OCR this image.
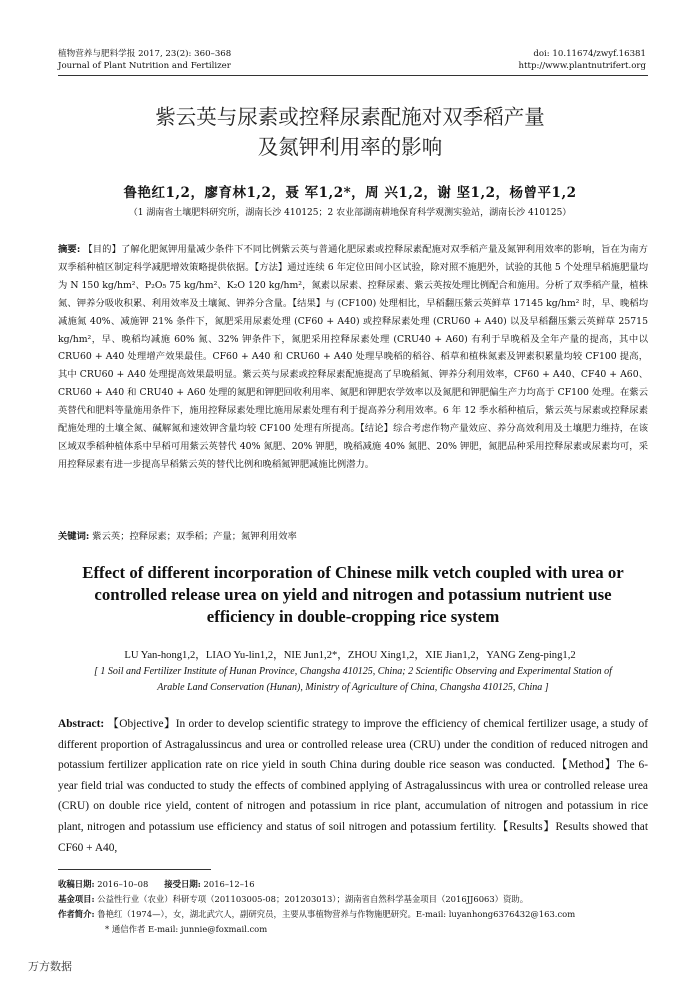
植物营养与肥料学报 2017, 23(2): 360–368
Journal of Plant Nutrition and Fertilizer
doi: 10.11674/zwyf.16381
http://www.plantnutrifert.org
紫云英与尿素或控释尿素配施对双季稻产量
及氮钾利用率的影响
鲁艳红1,2，廖育林1,2，聂 军1,2*，周 兴1,2，谢 坚1,2，杨曾平1,2
（1 湖南省土壤肥料研究所，湖南长沙 410125；2 农业部湖南耕地保育科学观测实验站，湖南长沙 410125）
摘要: 【目的】了解化肥氮钾用量减少条件下不同比例紫云英与普通化肥尿素或控释尿素配施对双季稻产量及氮钾利用效率的影响，旨在为南方双季稻种植区制定科学减肥增效策略提供依据。【方法】通过连续 6 年定位田间小区试验，除对照不施肥外，试验的其他 5 个处理早稻施肥量均为 N 150 kg/hm²、P₂O₅ 75 kg/hm²、K₂O 120 kg/hm²，氮素以尿素、控释尿素、紫云英按处理比例配合和施用。分析了双季稻产量，植株氮、钾养分吸收积累、利用效率及土壤氮、钾养分含量。【结果】与 (CF100) 处理相比，早稻翻压紫云英鲜草 17145 kg/hm² 时，早、晚稻均减施氮 40%、减施钾 21% 条件下，氮肥采用尿素处理 (CF60 + A40) 或控释尿素处理 (CRU60 + A40) 以及早稻翻压紫云英鲜草 25715 kg/hm²，早、晚稻均减施 60% 氮、32% 钾条件下，氮肥采用控释尿素处理 (CRU40 + A60) 有利于早晚稻及全年产量的提高，其中以 CRU60 + A40 处理增产效果最佳。CF60 + A40 和 CRU60 + A40 处理早晚稻的稻谷、稻草和植株氮素及钾素积累量均较 CF100 提高，其中 CRU60 + A40 处理提高效果最明显。紫云英与尿素或控释尿素配施提高了早晚稻氮、钾养分利用效率，CF60 + A40、CF40 + A60、CRU60 + A40 和 CRU40 + A60 处理的氮肥和钾肥回收利用率、氮肥和钾肥农学效率以及氮肥和钾肥偏生产力均高于 CF100 处理。在紫云英替代和肥料等量施用条件下，施用控释尿素处理比施用尿素处理有利于提高养分利用效率。6 年 12 季水稻种植后，紫云英与尿素或控释尿素配施处理的土壤全氮、碱解氮和速效钾含量均较 CF100 处理有所提高。【结论】综合考虑作物产量效应、养分高效利用及土壤肥力维持，在该区域双季稻种植体系中早稻可用紫云英替代 40% 氮肥、20% 钾肥，晚稻减施 40% 氮肥、20% 钾肥，氮肥品种采用控释尿素或尿素均可，采用控释尿素有进一步提高早稻紫云英的替代比例和晚稻氮钾肥减施比例潜力。
关键词: 紫云英；控释尿素；双季稻；产量；氮钾利用效率
Effect of different incorporation of Chinese milk vetch coupled with urea or controlled release urea on yield and nitrogen and potassium nutrient use efficiency in double-cropping rice system
LU Yan-hong1,2，LIAO Yu-lin1,2，NIE Jun1,2*，ZHOU Xing1,2，XIE Jian1,2，YANG Zeng-ping1,2
[ 1 Soil and Fertilizer Institute of Hunan Province, Changsha 410125, China; 2 Scientific Observing and Experimental Station of Arable Land Conservation (Hunan), Ministry of Agriculture of China, Changsha 410125, China ]
Abstract: 【Objective】In order to develop scientific strategy to improve the efficiency of chemical fertilizer usage, a study of different proportion of Astragalussincus and urea or controlled release urea (CRU) under the condition of reduced nitrogen and potassium fertilizer application rate on rice yield in south China during double rice season was conducted.【Method】The 6-year field trial was conducted to study the effects of combined applying of Astragalussincus with urea or controlled release urea (CRU) on double rice yield, content of nitrogen and potassium in rice plant, accumulation of nitrogen and potassium in rice plant, nitrogen and potassium use efficiency and status of soil nitrogen and potassium fertility.【Results】Results showed that CF60 + A40,
收稿日期: 2016–10–08 接受日期: 2016–12–16
基金项目: 公益性行业（农业）科研专项（201103005-08；201203013）；湖南省自然科学基金项目（2016JJ6063）资助。
作者简介: 鲁艳红（1974—），女，湖北武穴人，副研究员，主要从事植物营养与作物施肥研究。E-mail: luyanhong6376432@163.com
* 通信作者 E-mail: junnie@foxmail.com
万方数据
